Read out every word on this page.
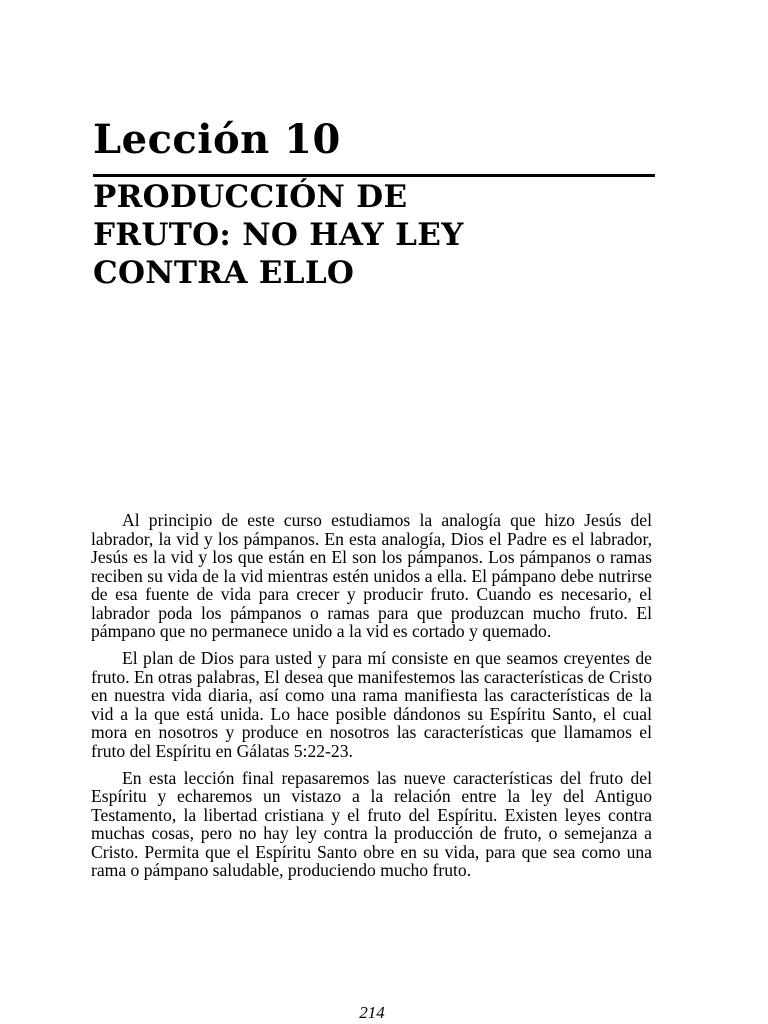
Lección 10
PRODUCCIÓN DE
FRUTO: NO HAY LEY
CONTRA ELLO

Al principio de este curso estudiamos la analogía que hizo Jesús del labrador, la vid y los pámpanos. En esta analogía, Dios el Padre es el labrador, Jesús es la vid y los que están en El son los pámpanos. Los pámpanos o ramas reciben su vida de la vid mientras estén unidos a ella. El pámpano debe nutrirse de esa fuente de vida para crecer y producir fruto. Cuando es necesario, el labrador poda los pámpanos o ramas para que produzcan mucho fruto. El pámpano que no permanece unido a la vid es cortado y quemado.

El plan de Dios para usted y para mí consiste en que seamos creyentes de fruto. En otras palabras, El desea que manifestemos las características de Cristo en nuestra vida diaria, así como una rama manifiesta las características de la vid a la que está unida. Lo hace posible dándonos su Espíritu Santo, el cual mora en nosotros y produce en nosotros las características que llamamos el fruto del Espíritu en Gálatas 5:22-23.

En esta lección final repasaremos las nueve características del fruto del Espíritu y echaremos un vistazo a la relación entre la ley del Antiguo Testamento, la libertad cristiana y el fruto del Espíritu. Existen leyes contra muchas cosas, pero no hay ley contra la producción de fruto, o semejanza a Cristo. Permita que el Espíritu Santo obre en su vida, para que sea como una rama o pámpano saludable, produciendo mucho fruto.

214
